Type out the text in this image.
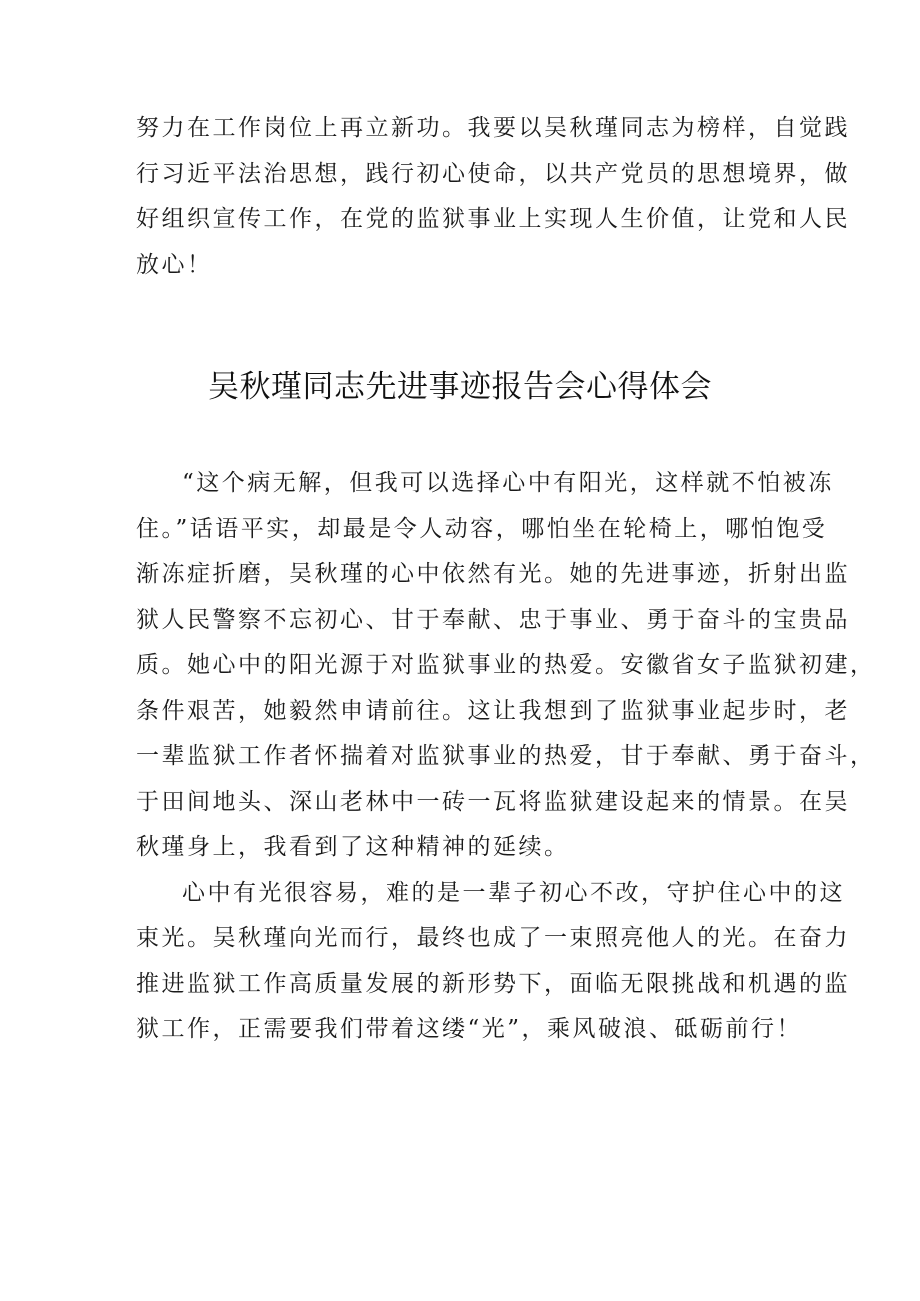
努力在工作岗位上再立新功。我要以吴秋瑾同志为榜样，自觉践
行习近平法治思想，践行初心使命，以共产党员的思想境界，做
好组织宣传工作，在党的监狱事业上实现人生价值，让党和人民
放心！
吴秋瑾同志先进事迹报告会心得体会
“这个病无解，但我可以选择心中有阳光，这样就不怕被冻
住。”话语平实，却最是令人动容，哪怕坐在轮椅上，哪怕饱受
渐冻症折磨，吴秋瑾的心中依然有光。她的先进事迹，折射出监
狱人民警察不忘初心、甘于奉献、忠于事业、勇于奋斗的宝贵品
质。她心中的阳光源于对监狱事业的热爱。安徽省女子监狱初建，
条件艰苦，她毅然申请前往。这让我想到了监狱事业起步时，老
一辈监狱工作者怀揣着对监狱事业的热爱，甘于奉献、勇于奋斗，
于田间地头、深山老林中一砖一瓦将监狱建设起来的情景。在吴
秋瑾身上，我看到了这种精神的延续。
心中有光很容易，难的是一辈子初心不改，守护住心中的这
束光。吴秋瑾向光而行，最终也成了一束照亮他人的光。在奋力
推进监狱工作高质量发展的新形势下，面临无限挑战和机遇的监
狱工作，正需要我们带着这缕“光”，乘风破浪、砥砺前行！
